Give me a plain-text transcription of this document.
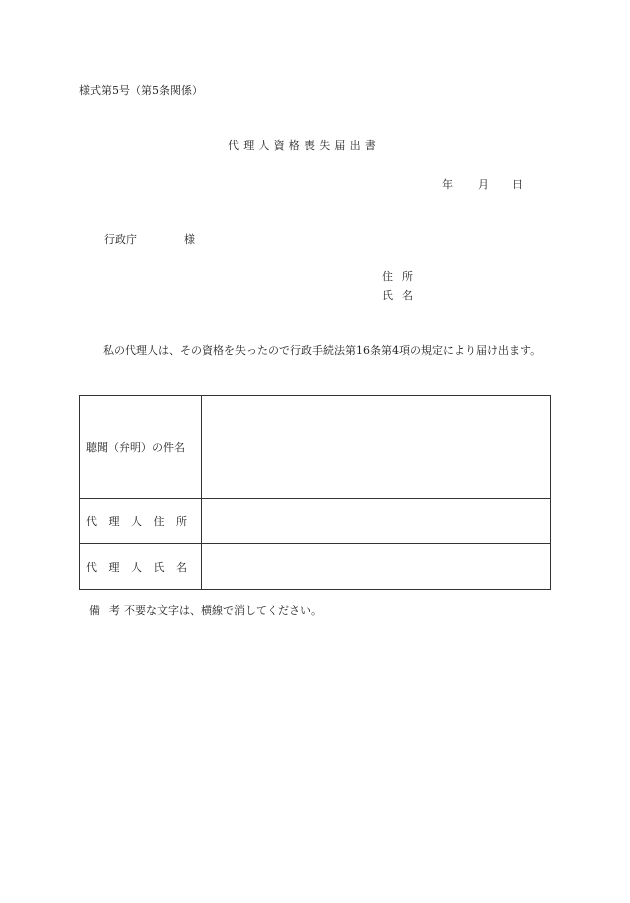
様式第5号（第5条関係）
代理人資格喪失届出書
年 月 日
行政庁	様
住所
氏名
私の代理人は、その資格を失ったので行政手続法第16条第4項の規定により届け出ます。
聴聞（弁明）の件名	
代理人住所	
代理人氏名	
備考
不要な文字は、横線で消してください。
